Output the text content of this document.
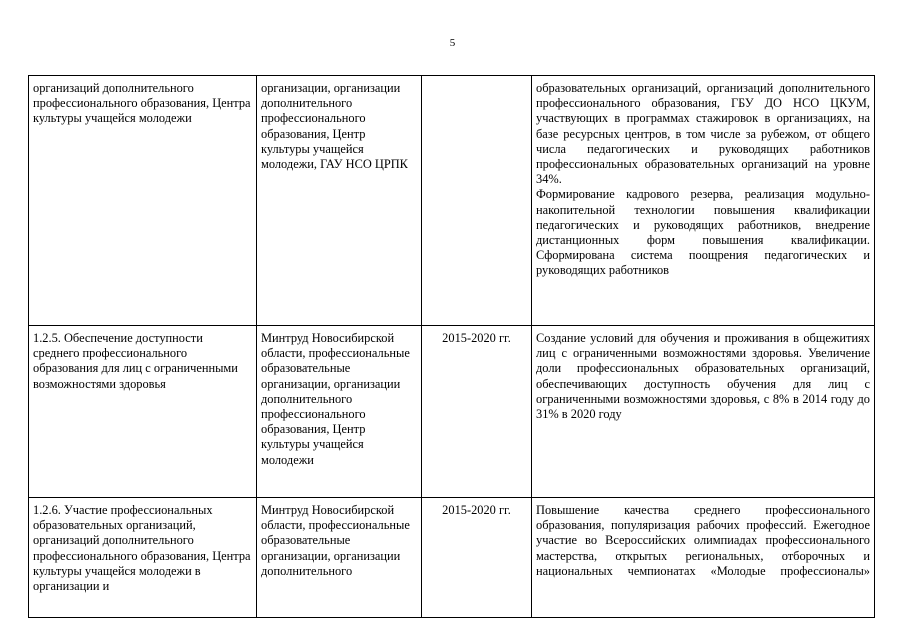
5
организаций дополнительного профессионального образования, Центра культуры учащейся молодежи	организации, организации дополнительного профессионального образования, Центр культуры учащейся молодежи, ГАУ НСО ЦРПК		образовательных организаций, организаций дополнительного профессионального образования, ГБУ ДО НСО ЦКУМ, участвующих в программах стажировок в организациях, на базе ресурсных центров, в том числе за рубежом, от общего числа педагогических и руководящих работников профессиональных образовательных организаций на уровне 34%.
Формирование кадрового резерва, реализация модульно-накопительной технологии повышения квалификации педагогических и руководящих работников, внедрение дистанционных форм повышения квалификации. Сформирована система поощрения педагогических и руководящих работников

1.2.5. Обеспечение доступности среднего профессионального образования для лиц с ограниченными возможностями здоровья	Минтруд Новосибирской области, профессиональные образовательные организации, организации дополнительного профессионального образования, Центр культуры учащейся молодежи	2015-2020 гг.	Создание условий для обучения и проживания в общежитиях лиц с ограниченными возможностями здоровья. Увеличение доли профессиональных образовательных организаций, обеспечивающих доступность обучения для лиц с ограниченными возможностями здоровья, с 8% в 2014 году до 31% в 2020 году

1.2.6. Участие профессиональных образовательных организаций, организаций дополнительного профессионального образования, Центра культуры учащейся молодежи в организации и	Минтруд Новосибирской области, профессиональные образовательные организации, организации дополнительного	2015-2020 гг.	Повышение качества среднего профессионального образования, популяризация рабочих профессий. Ежегодное участие во Всероссийских олимпиадах профессионального мастерства, открытых региональных, отборочных и национальных чемпионатах «Молодые профессионалы»
